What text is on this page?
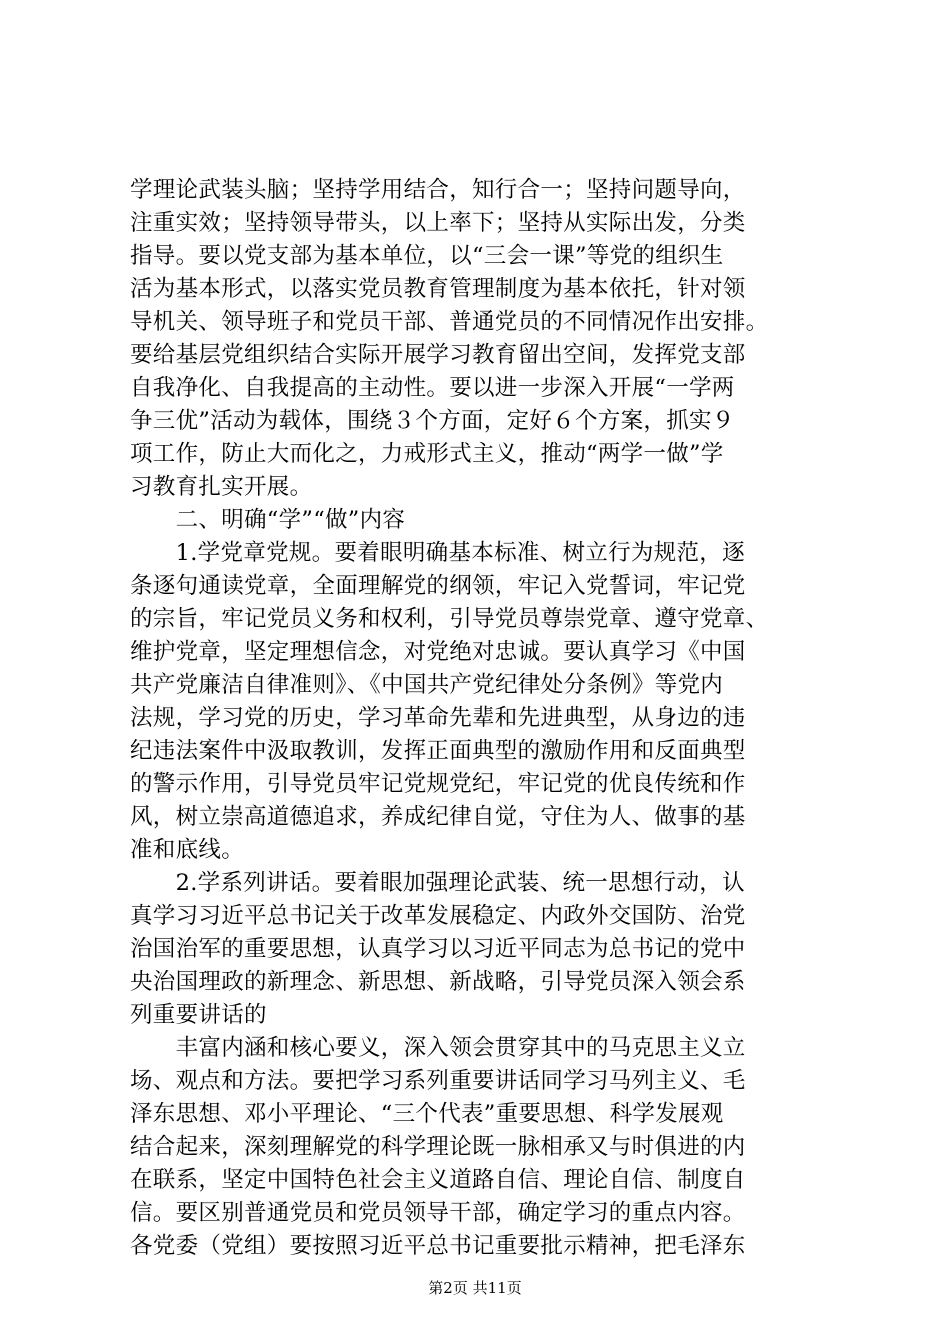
学理论武装头脑；坚持学用结合，知行合一；坚持问题导向，
注重实效；坚持领导带头，以上率下；坚持从实际出发，分类
指导。要以党支部为基本单位，以“三会一课”等党的组织生
活为基本形式，以落实党员教育管理制度为基本依托，针对领
导机关、领导班子和党员干部、普通党员的不同情况作出安排。
要给基层党组织结合实际开展学习教育留出空间，发挥党支部
自我净化、自我提高的主动性。要以进一步深入开展“一学两
争三优”活动为载体，围绕３个方面，定好６个方案，抓实９
项工作，防止大而化之，力戒形式主义，推动“两学一做”学
习教育扎实开展。
　　二、明确“学”“做”内容
　　1.学党章党规。要着眼明确基本标准、树立行为规范，逐
条逐句通读党章，全面理解党的纲领，牢记入党誓词，牢记党
的宗旨，牢记党员义务和权利，引导党员尊崇党章、遵守党章、
维护党章，坚定理想信念，对党绝对忠诚。要认真学习《中国
共产党廉洁自律准则》、《中国共产党纪律处分条例》等党内
法规，学习党的历史，学习革命先辈和先进典型，从身边的违
纪违法案件中汲取教训，发挥正面典型的激励作用和反面典型
的警示作用，引导党员牢记党规党纪，牢记党的优良传统和作
风，树立崇高道德追求，养成纪律自觉，守住为人、做事的基
准和底线。
　　2.学系列讲话。要着眼加强理论武装、统一思想行动，认
真学习习近平总书记关于改革发展稳定、内政外交国防、治党
治国治军的重要思想，认真学习以习近平同志为总书记的党中
央治国理政的新理念、新思想、新战略，引导党员深入领会系
列重要讲话的
　　丰富内涵和核心要义，深入领会贯穿其中的马克思主义立
场、观点和方法。要把学习系列重要讲话同学习马列主义、毛
泽东思想、邓小平理论、“三个代表”重要思想、科学发展观
结合起来，深刻理解党的科学理论既一脉相承又与时俱进的内
在联系，坚定中国特色社会主义道路自信、理论自信、制度自
信。要区别普通党员和党员领导干部，确定学习的重点内容。
各党委（党组）要按照习近平总书记重要批示精神，把毛泽东
第2页 共11页
